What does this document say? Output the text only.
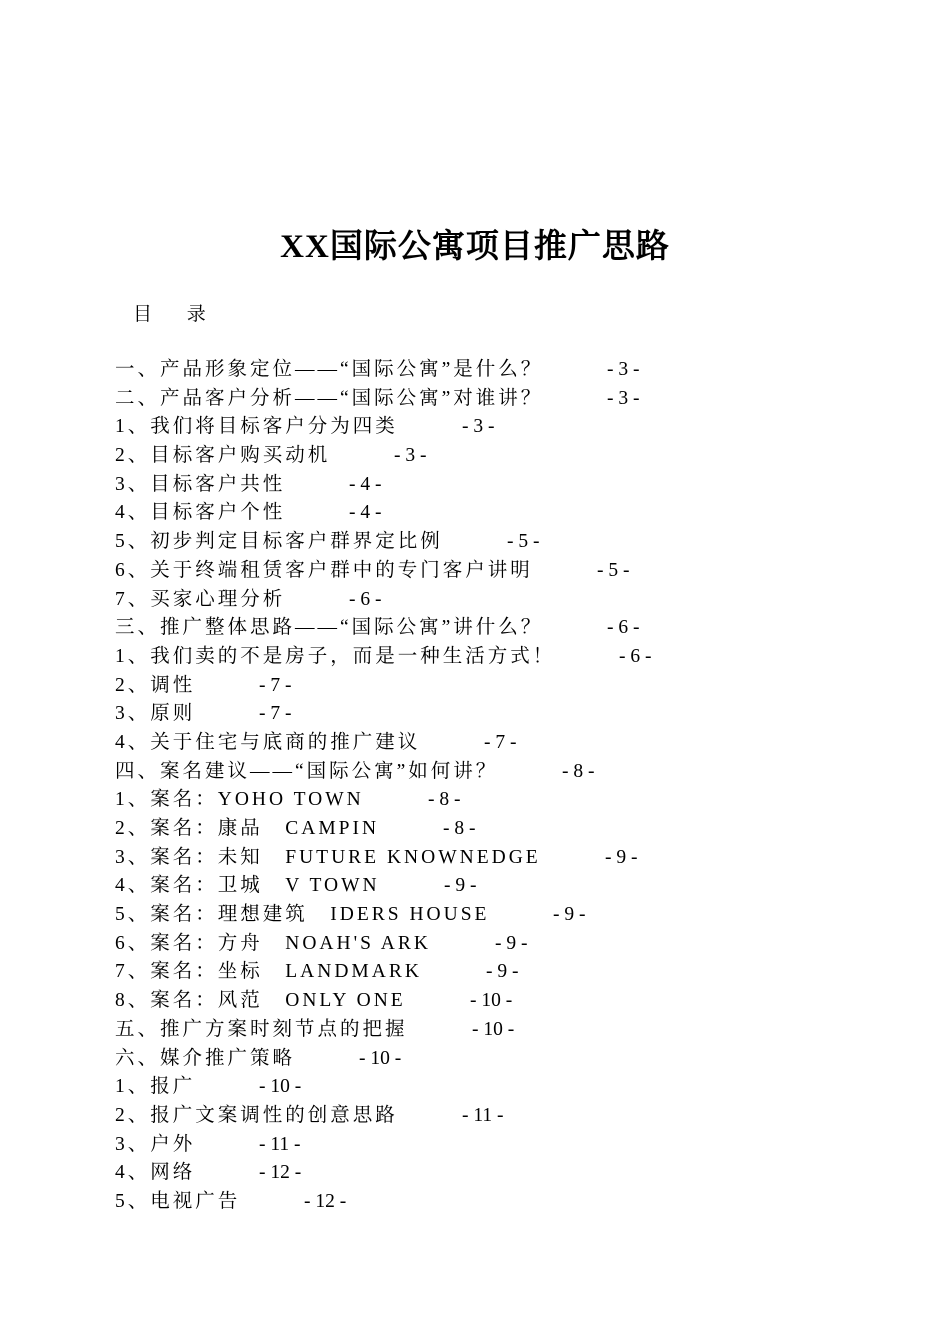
XX国际公寓项目推广思路
目 录
一、产品形象定位——“国际公寓”是什么？	- 3 -
二、产品客户分析——“国际公寓”对谁讲？	- 3 -
1、我们将目标客户分为四类	- 3 -
2、目标客户购买动机	- 3 -
3、目标客户共性	- 4 -
4、目标客户个性	- 4 -
5、初步判定目标客户群界定比例	- 5 -
6、关于终端租赁客户群中的专门客户讲明	- 5 -
7、买家心理分析	- 6 -
三、推广整体思路——“国际公寓”讲什么？	- 6 -
1、我们卖的不是房子，而是一种生活方式！	- 6 -
2、调性	- 7 -
3、原则	- 7 -
4、关于住宅与底商的推广建议	- 7 -
四、案名建议——“国际公寓”如何讲？	- 8 -
1、案名：YOHO TOWN	- 8 -
2、案名：康品　CAMPIN	- 8 -
3、案名：未知　FUTURE KNOWNEDGE	- 9 -
4、案名：卫城　V TOWN	- 9 -
5、案名：理想建筑　IDERS HOUSE	- 9 -
6、案名：方舟　NOAH'S ARK	- 9 -
7、案名：坐标　LANDMARK	- 9 -
8、案名：风范　ONLY ONE	- 10 -
五、推广方案时刻节点的把握	- 10 -
六、媒介推广策略	- 10 -
1、报广	- 10 -
2、报广文案调性的创意思路	- 11 -
3、户外	- 11 -
4、网络	- 12 -
5、电视广告	- 12 -
